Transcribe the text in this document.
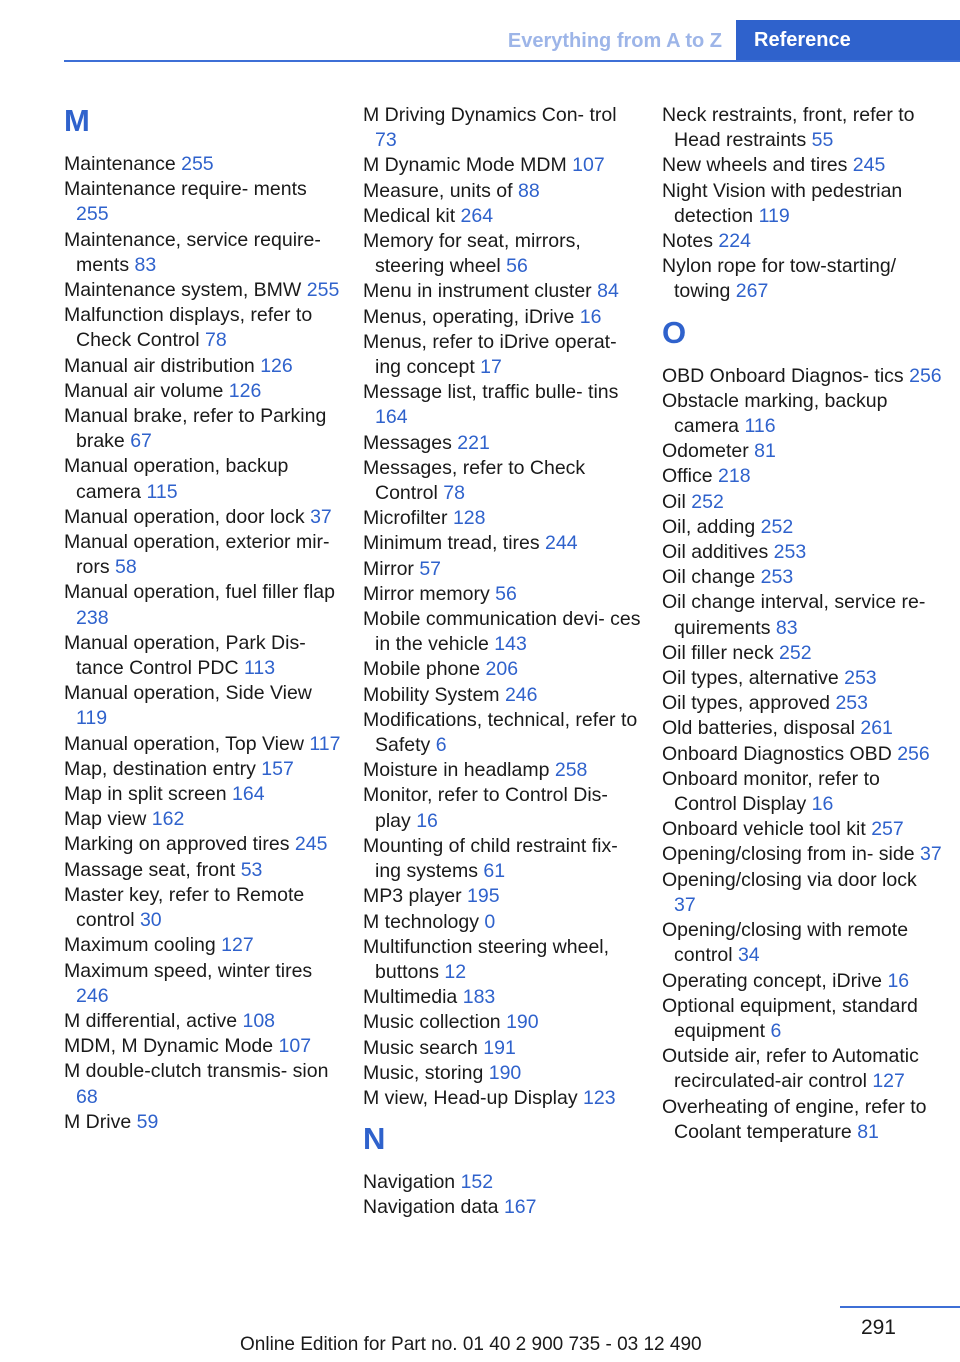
Everything from A to Z	Reference
M
Maintenance 255
Maintenance require‐ ments 255
Maintenance, service require‐ ments 83
Maintenance system, BMW 255
Malfunction displays, refer to Check Control 78
Manual air distribution 126
Manual air volume 126
Manual brake, refer to Parking brake 67
Manual operation, backup camera 115
Manual operation, door lock 37
Manual operation, exterior mir‐ rors 58
Manual operation, fuel filler flap 238
Manual operation, Park Dis‐ tance Control PDC 113
Manual operation, Side View 119
Manual operation, Top View 117
Map, destination entry 157
Map in split screen 164
Map view 162
Marking on approved tires 245
Massage seat, front 53
Master key, refer to Remote control 30
Maximum cooling 127
Maximum speed, winter tires 246
M differential, active 108
MDM, M Dynamic Mode 107
M double-clutch transmis‐ sion 68
M Drive 59
M Driving Dynamics Con‐ trol 73
M Dynamic Mode MDM 107
Measure, units of 88
Medical kit 264
Memory for seat, mirrors, steering wheel 56
Menu in instrument cluster 84
Menus, operating, iDrive 16
Menus, refer to iDrive operat‐ ing concept 17
Message list, traffic bulle‐ tins 164
Messages 221
Messages, refer to Check Control 78
Microfilter 128
Minimum tread, tires 244
Mirror 57
Mirror memory 56
Mobile communication devi‐ ces in the vehicle 143
Mobile phone 206
Mobility System 246
Modifications, technical, refer to Safety 6
Moisture in headlamp 258
Monitor, refer to Control Dis‐ play 16
Mounting of child restraint fix‐ ing systems 61
MP3 player 195
M technology 0
Multifunction steering wheel, buttons 12
Multimedia 183
Music collection 190
Music search 191
Music, storing 190
M view, Head-up Display 123
N
Navigation 152
Navigation data 167
Neck restraints, front, refer to Head restraints 55
New wheels and tires 245
Night Vision with pedestrian detection 119
Notes 224
Nylon rope for tow-starting/ towing 267
O
OBD Onboard Diagnos‐ tics 256
Obstacle marking, backup camera 116
Odometer 81
Office 218
Oil 252
Oil, adding 252
Oil additives 253
Oil change 253
Oil change interval, service re‐ quirements 83
Oil filler neck 252
Oil types, alternative 253
Oil types, approved 253
Old batteries, disposal 261
Onboard Diagnostics OBD 256
Onboard monitor, refer to Control Display 16
Onboard vehicle tool kit 257
Opening/closing from in‐ side 37
Opening/closing via door lock 37
Opening/closing with remote control 34
Operating concept, iDrive 16
Optional equipment, standard equipment 6
Outside air, refer to Automatic recirculated-air control 127
Overheating of engine, refer to Coolant temperature 81
291
Online Edition for Part no. 01 40 2 900 735 - 03 12 490
